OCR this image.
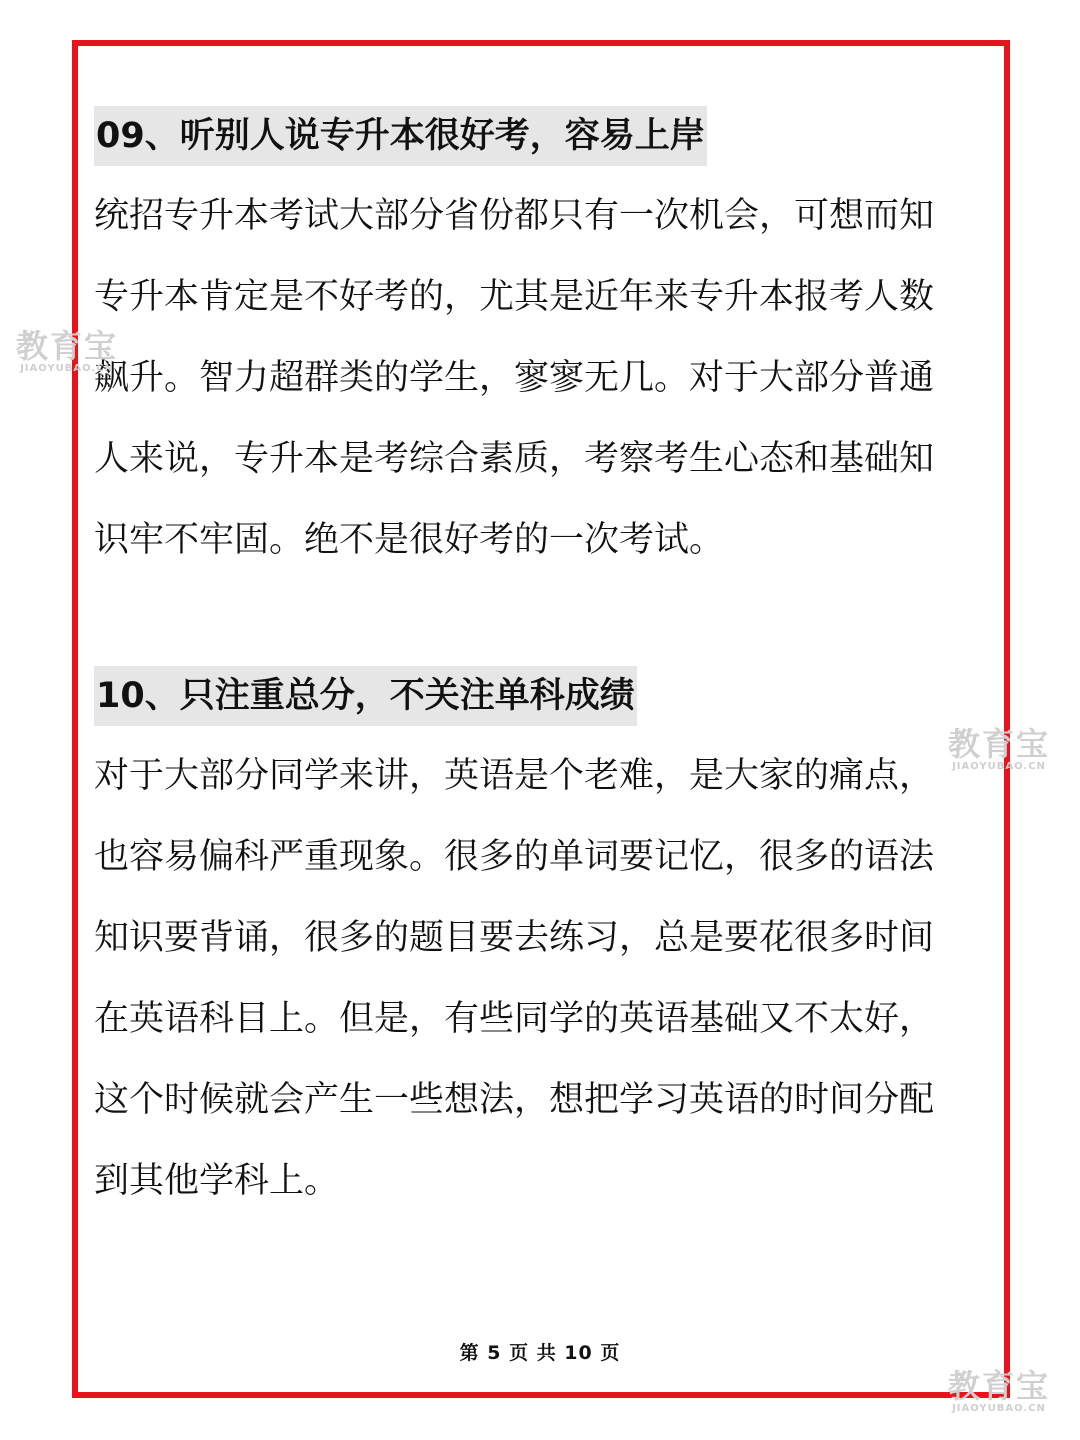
09、听别人说专升本很好考，容易上岸
统招专升本考试大部分省份都只有一次机会，可想而知
专升本肯定是不好考的，尤其是近年来专升本报考人数
飙升。智力超群类的学生，寥寥无几。对于大部分普通
人来说，专升本是考综合素质，考察考生心态和基础知
识牢不牢固。绝不是很好考的一次考试。
10、只注重总分，不关注单科成绩
对于大部分同学来讲，英语是个老难，是大家的痛点，
也容易偏科严重现象。很多的单词要记忆，很多的语法
知识要背诵，很多的题目要去练习，总是要花很多时间
在英语科目上。但是，有些同学的英语基础又不太好，
这个时候就会产生一些想法，想把学习英语的时间分配
到其他学科上。
第 5 页 共 10 页
教育宝
JIAOYUBAO.CN
教育宝
JIAOYUBAO.CN
教育宝
JIAOYUBAO.CN
